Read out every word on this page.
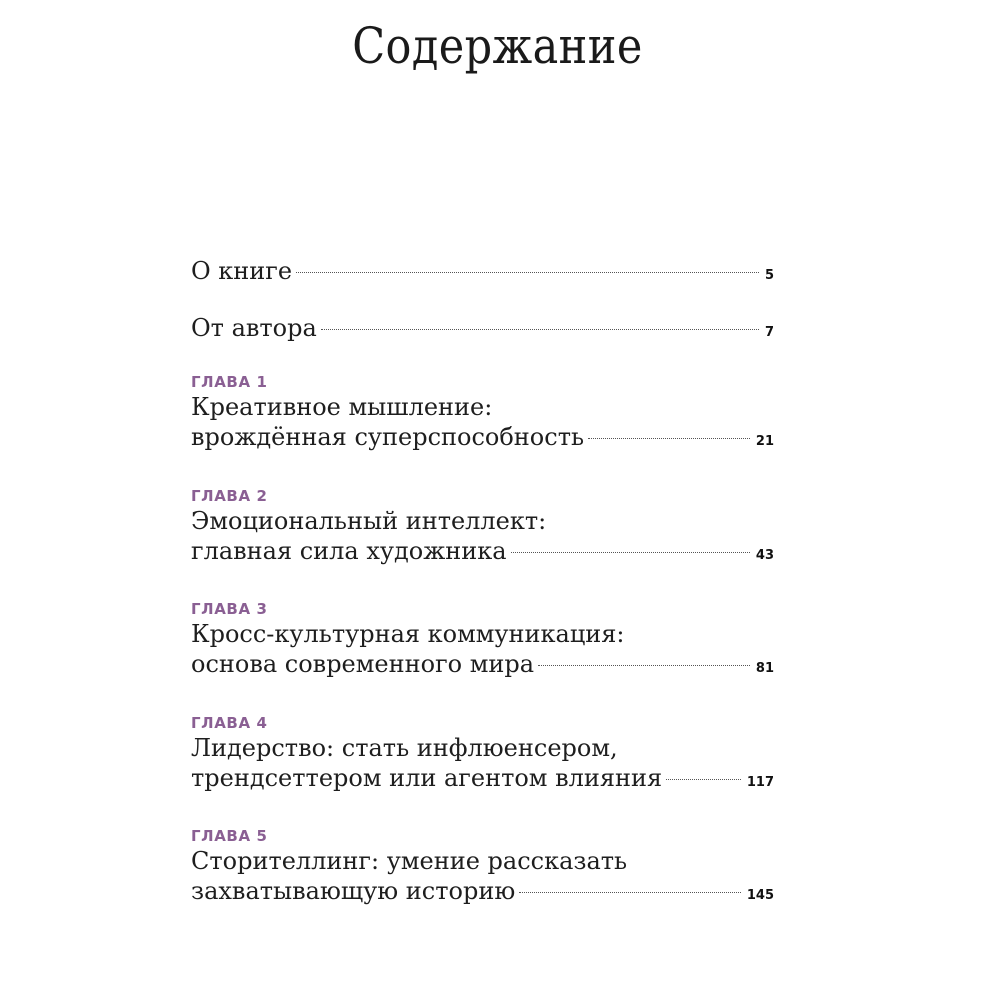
Содержание
О книге	5
От автора	7
ГЛАВА 1
Креативное мышление:
врождённая суперспособность	21
ГЛАВА 2
Эмоциональный интеллект:
главная сила художника	43
ГЛАВА 3
Кросс-культурная коммуникация:
основа современного мира	81
ГЛАВА 4
Лидерство: стать инфлюенсером,
трендсеттером или агентом влияния	117
ГЛАВА 5
Сторителлинг: умение рассказать
захватывающую историю	145
